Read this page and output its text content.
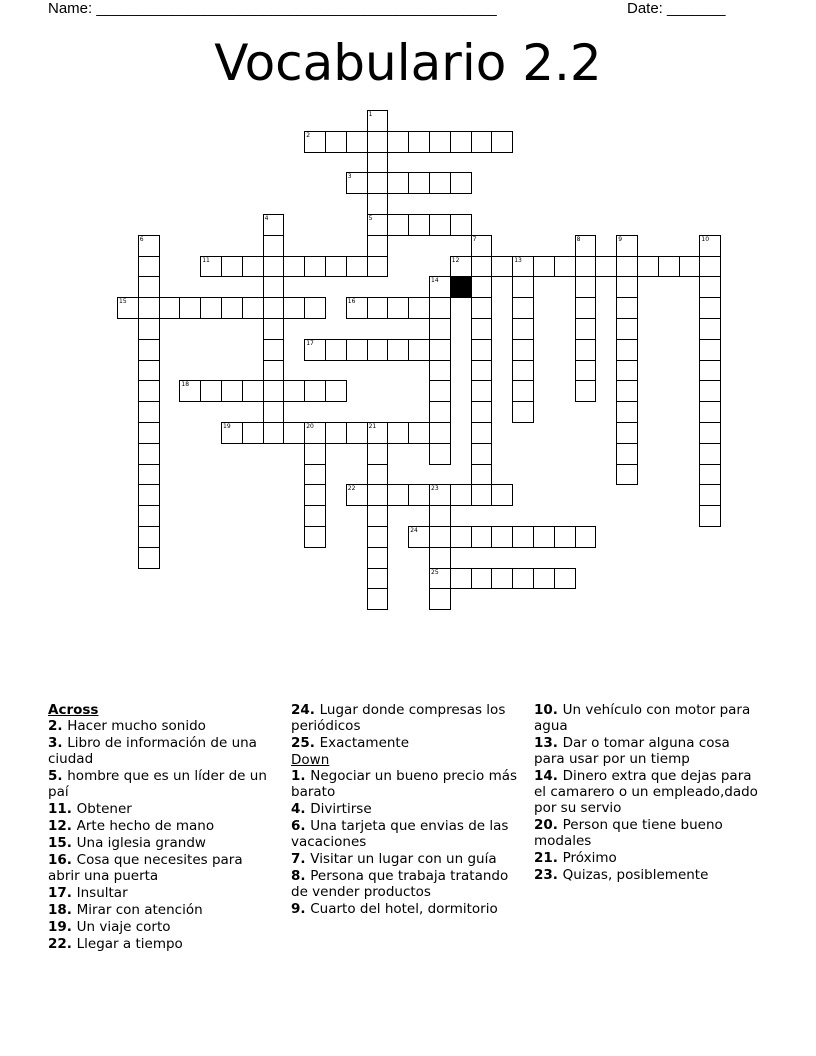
Name: ________________________________________________	Date: _______
Vocabulario 2.2
2
3
5
11	12	13
15	16
17
18
19	20	21
22	23
24
25
1
4
6	7	8	9	10
14
Across
2 . Hacer mucho sonido
3 . Libro de información de una ciudad
5 . hombre que es un líder de un paí
11 . Obtener
12 . Arte hecho de mano
15 . Una iglesia grandw
16 . Cosa que necesites para abrir una puerta
17 . Insultar
18 . Mirar con atención
19 . Un viaje corto
22 . Llegar a tiempo
24 . Lugar donde compresas los periódicos
25 . Exactamente
Down
1 . Negociar un bueno precio más barato
4 . Divirtirse
6 . Una tarjeta que envias de las vacaciones
7 . Visitar un lugar con un guía
8 . Persona que trabaja tratando de vender productos
9 . Cuarto del hotel, dormitorio
10 . Un vehículo con motor para agua
13 . Dar o tomar alguna cosa para usar por un tiemp
14 . Dinero extra que dejas para el camarero o un empleado,dado por su servio
20 . Person que tiene bueno modales
21 . Próximo
23 . Quizas, posiblemente
